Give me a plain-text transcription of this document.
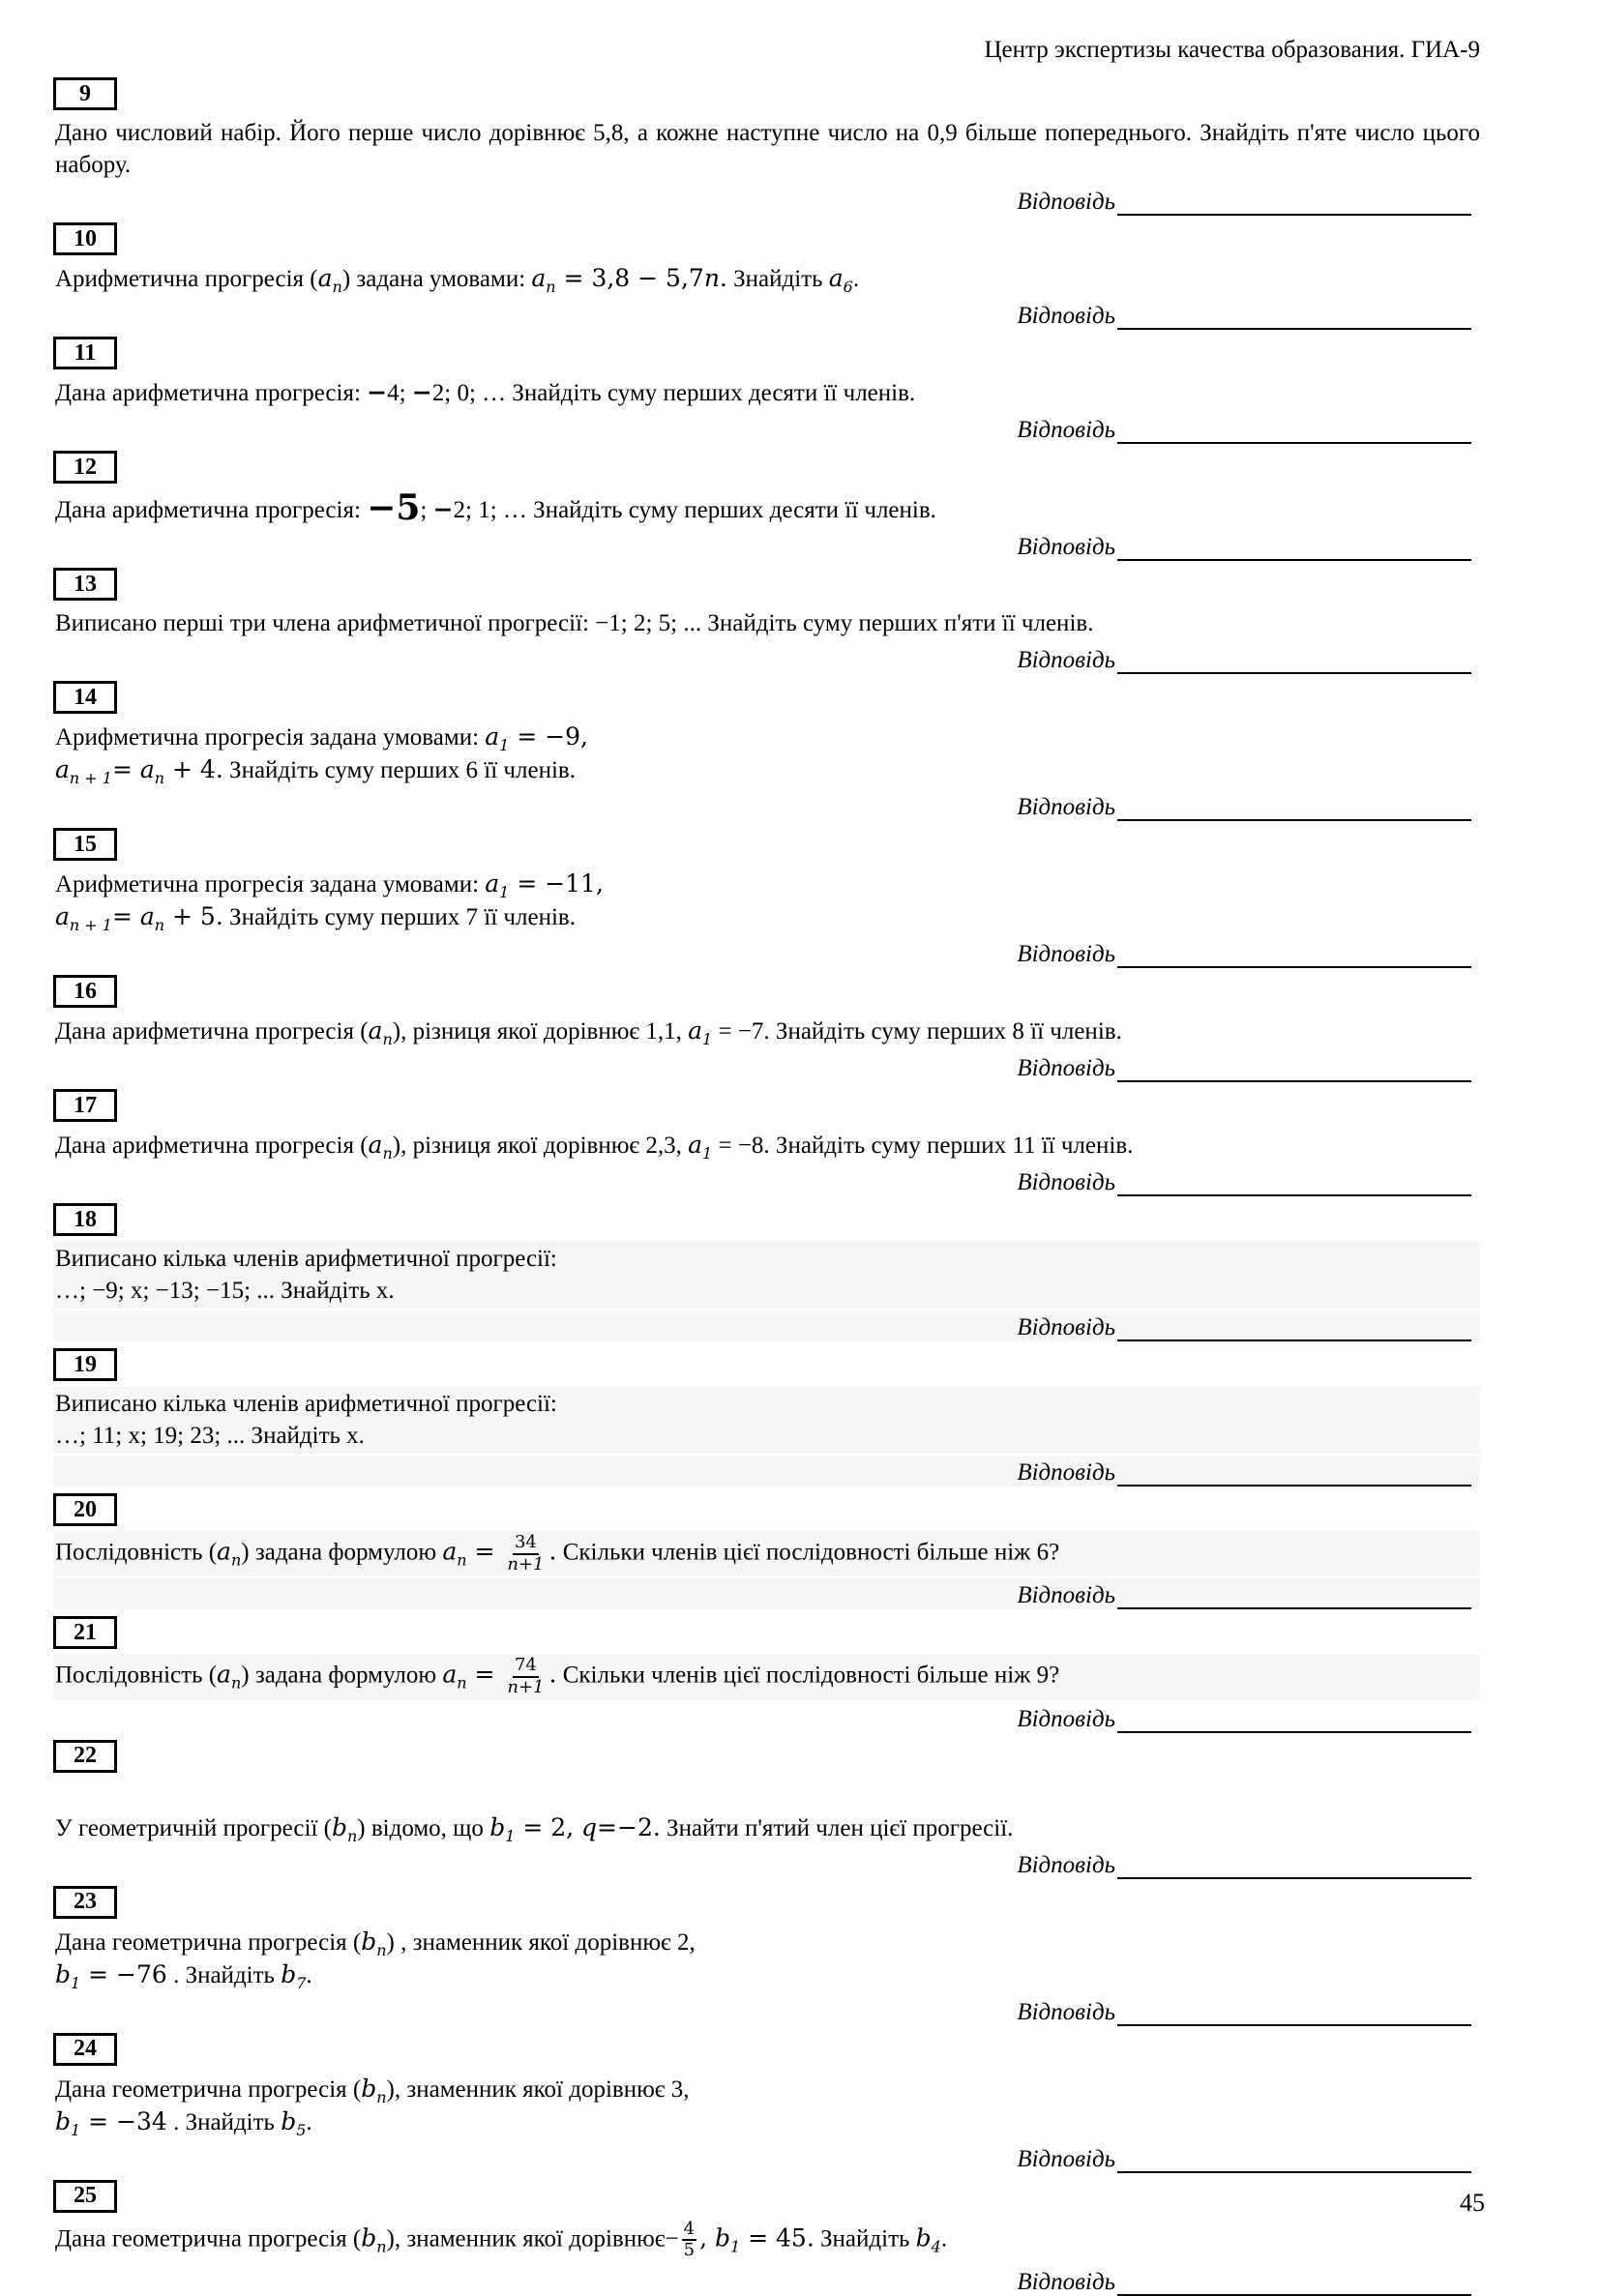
Центр экспертизы качества образования. ГИА-9
9
Дано числовий набір. Його перше число дорівнює 5,8, а кожне наступне число на 0,9 більше попереднього. Знайдіть п'яте число цього набору.
Відповідь
10
Арифметична прогресія $(a_n)$ задана умовами: $a_n = 3,8 - 5,7n$. Знайдіть $a_6$.
Відповідь
11
Дана арифметична прогресія: −4; −2; 0; … Знайдіть суму перших десяти її членів.
Відповідь
12
Дана арифметична прогресія: −5; −2; 1; … Знайдіть суму перших десяти її членів.
Відповідь
13
Виписано перші три члена арифметичної прогресії: −1; 2; 5; ... Знайдіть суму перших п'яти її членів.
Відповідь
14
Арифметична прогресія задана умовами: $a_1 = -9$,
$a_{n + 1}= a_n + 4$. Знайдіть суму перших 6 її членів.
Відповідь
15
Арифметична прогресія задана умовами: $a_1 = -11$,
$a_{n + 1}= a_n + 5$. Знайдіть суму перших 7 її членів.
Відповідь
16
Дана арифметична прогресія $(a_n)$, різниця якої дорівнює 1,1, $a_1 = -7$. Знайдіть суму перших 8 її членів.
Відповідь
17
Дана арифметична прогресія $(a_n)$, різниця якої дорівнює 2,3, $a_1 = -8$. Знайдіть суму перших 11 її членів.
Відповідь
18
Виписано кілька членів арифметичної прогресії:
…; −9; x; −13; −15; ... Знайдіть x.
Відповідь
19
Виписано кілька членів арифметичної прогресії:
…; 11; x; 19; 23; ... Знайдіть x.
Відповідь
20
Послідовність $(a_n)$ задана формулою $a_n = \frac{34}{n+1}$ . Скільки членів цієї послідовності більше ніж 6?
Відповідь
21
Послідовність $(a_n)$ задана формулою $a_n = \frac{74}{n+1}$ . Скільки членів цієї послідовності більше ніж 9?
Відповідь
22
У геометричній прогресії $(b_n)$ відомо, що $b_1 = 2$, q=−2. Знайти п'ятий член цієї прогресії.
Відповідь
23
Дана геометрична прогресія $(b_n)$ , знаменник якої дорівнює 2,
$b_1 = -76$ . Знайдіть $b_7$.
Відповідь
24
Дана геометрична прогресія $(b_n)$, знаменник якої дорівнює 3,
$b_1 = -34$ . Знайдіть $b_5$.
Відповідь
25
Дана геометрична прогресія $(b_n)$, знаменник якої дорівнює− $\frac{4}{5}$ , $b_1 = 45$. Знайдіть $b_4$.
Відповідь
45
